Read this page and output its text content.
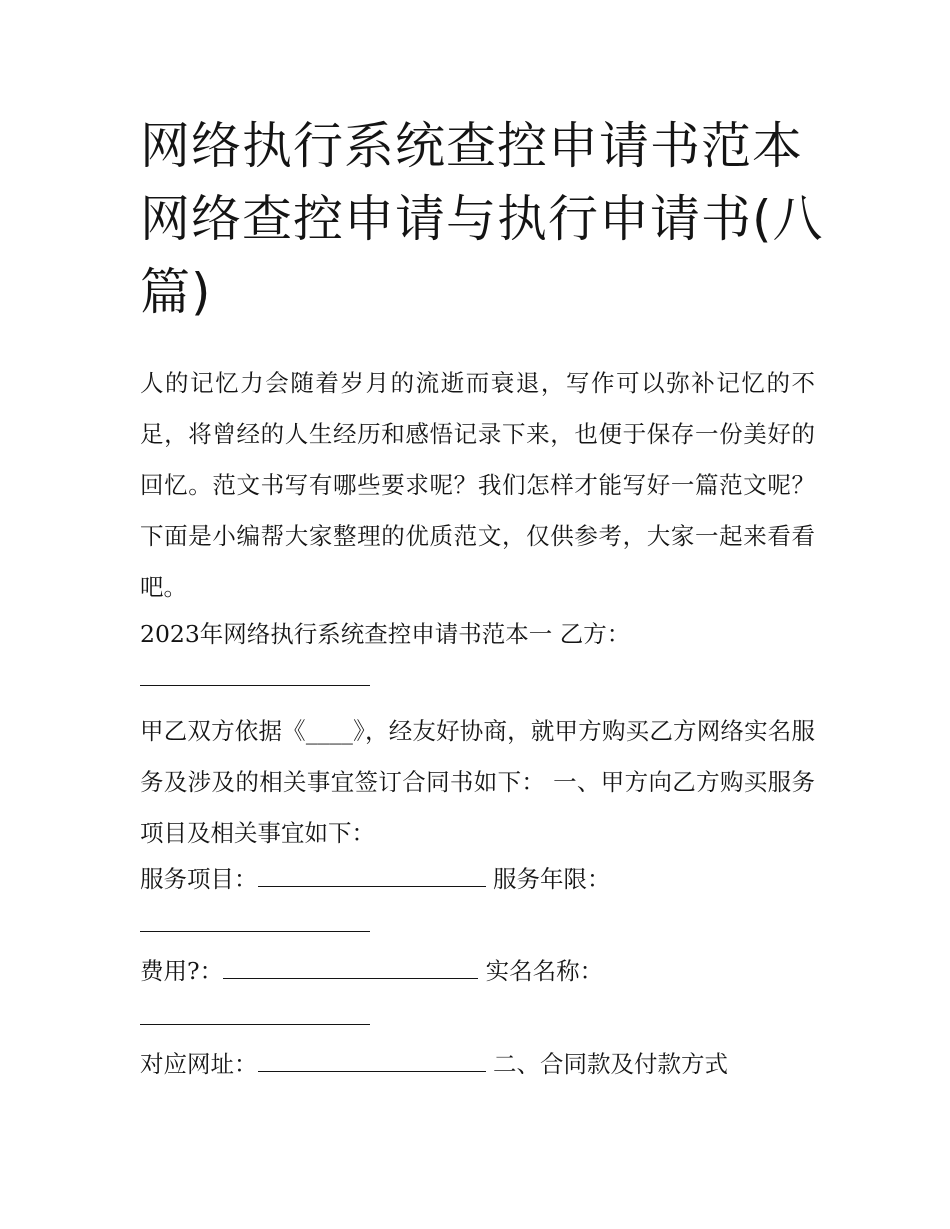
网络执行系统查控申请书范本 网络查控申请与执行申请书(八篇)

人的记忆力会随着岁月的流逝而衰退，写作可以弥补记忆的不足，将曾经的人生经历和感悟记录下来，也便于保存一份美好的回忆。范文书写有哪些要求呢？我们怎样才能写好一篇范文呢？下面是小编帮大家整理的优质范文，仅供参考，大家一起来看看吧。

2023年网络执行系统查控申请书范本一 乙方：

甲乙双方依据《____》，经友好协商，就甲方购买乙方网络实名服务及涉及的相关事宜签订合同书如下： 一、甲方向乙方购买服务项目及相关事宜如下：

服务项目：	服务年限：
费用?：	实名名称：
对应网址：	二、合同款及付款方式
